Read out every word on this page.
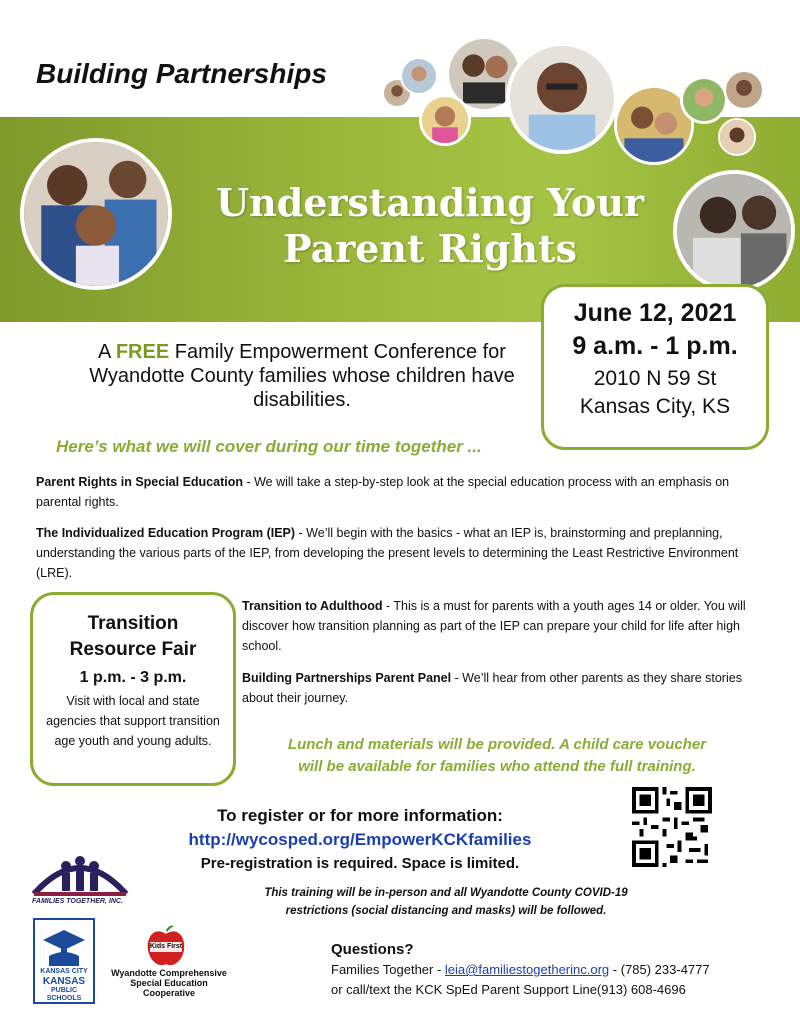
Building Partnerships
Understanding Your
Parent Rights
June 12, 2021
9 a.m. - 1 p.m.
2010 N 59 St
Kansas City, KS
A FREE Family Empowerment Conference for Wyandotte County families whose children have disabilities.
Here’s what we will cover during our time together ...
Parent Rights in Special Education - We will take a step-by-step look at the special education process with an emphasis on parental rights.
The Individualized Education Program (IEP) - We’ll begin with the basics - what an IEP is, brainstorming and preplanning, understanding the various parts of the IEP, from developing the present levels to determining the Least Restrictive Environment (LRE).
Transition
Resource Fair
1 p.m. - 3 p.m.
Visit with local and state agencies that support transition age youth and young adults.
Transition to Adulthood - This is a must for parents with a youth ages 14 or older. You will discover how transition planning as part of the IEP can prepare your child for life after high school.
Building Partnerships Parent Panel - We’ll hear from other parents as they share stories about their journey.
Lunch and materials will be provided. A child care voucher
will be available for families who attend the full training.
To register or for more information:
http://wycosped.org/EmpowerKCKfamilies
Pre-registration is required. Space is limited.
This training will be in-person and all Wyandotte County COVID-19
restrictions (social distancing and masks) will be followed.
FAMILIES TOGETHER, INC.
KANSAS CITY
KANSAS
PUBLIC SCHOOLS
Kids First
Wyandotte Comprehensive
Special Education
Cooperative
Questions?
Families Together - leia@familiestogetherinc.org - (785) 233-4777
or call/text the KCK SpEd Parent Support Line(913) 608-4696
